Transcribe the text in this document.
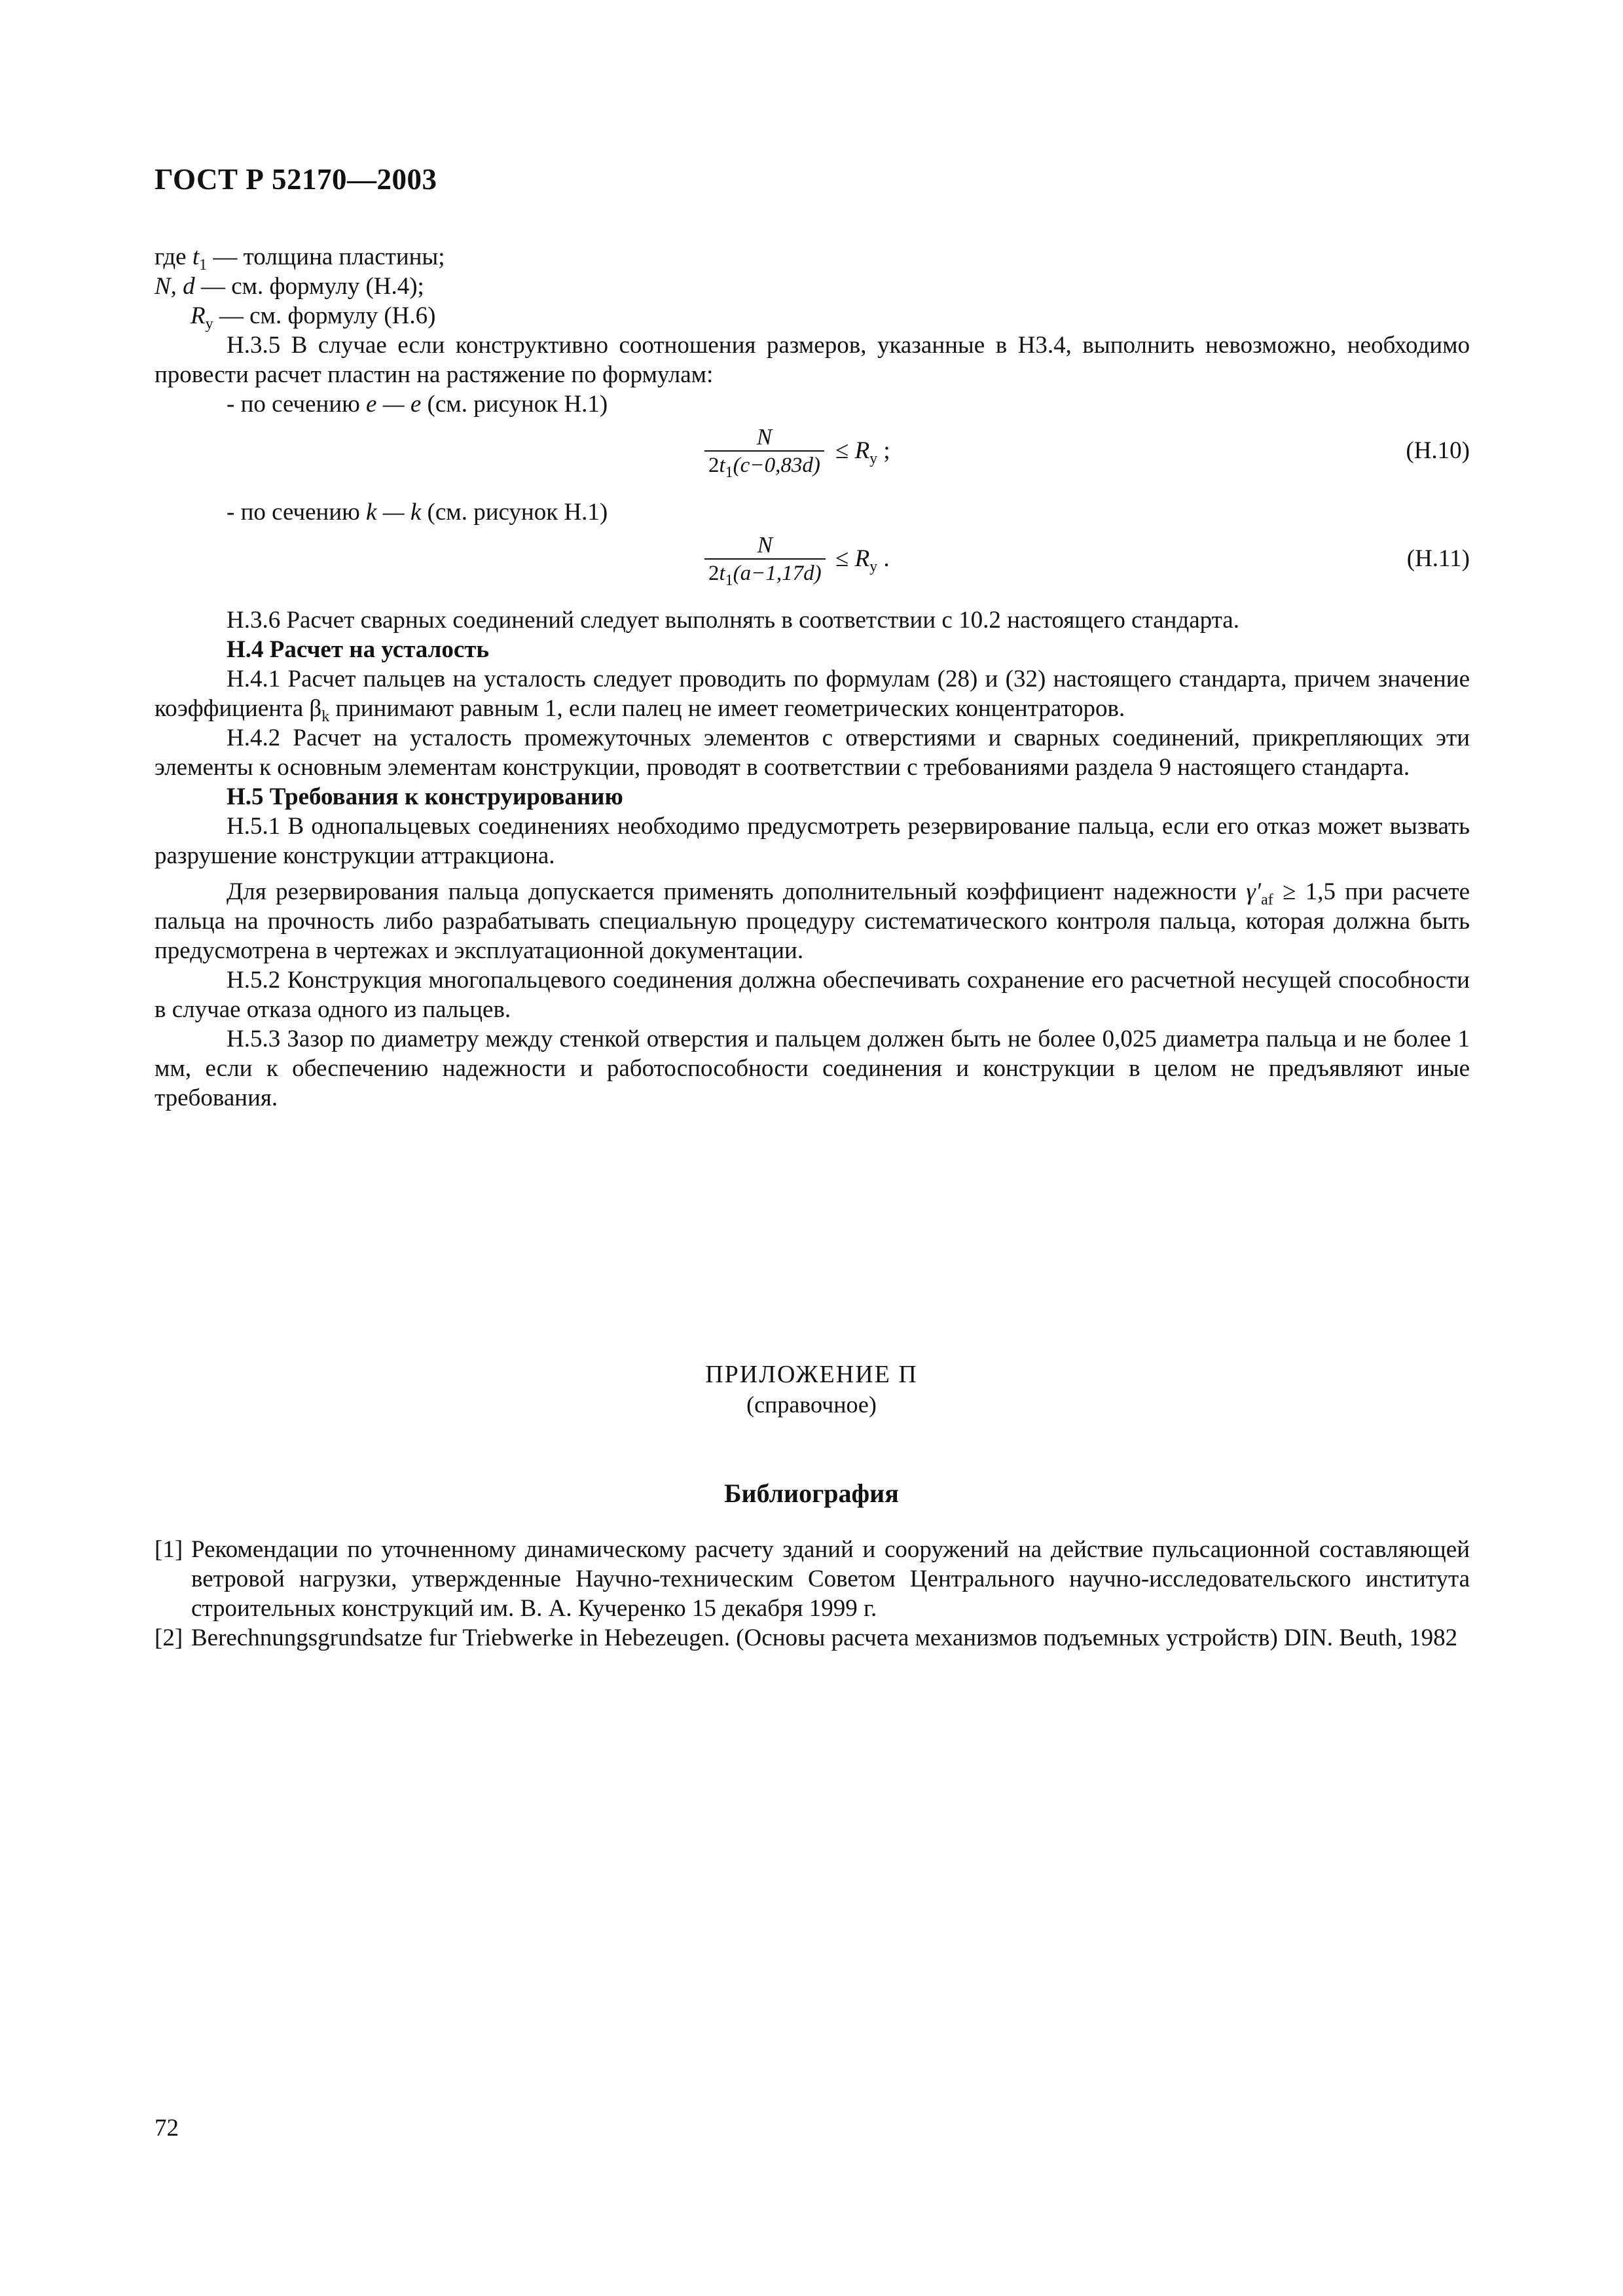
ГОСТ Р 52170—2003
где $t_1$ — толщина пластины;
N, d — см. формулу (Н.4);
$R_y$ — см. формулу (Н.6)
Н.3.5 В случае если конструктивно соотношения размеров, указанные в Н3.4, выполнить невозможно, необходимо провести расчет пластин на растяжение по формулам:
- по сечению e — e (см. рисунок Н.1)
$\frac{N}{2t_1(c-0,83d)} \le R_y$ ;	(Н.10)
- по сечению k — k (см. рисунок Н.1)
$\frac{N}{2t_1(a-1,17d)} \le R_y$ .	(Н.11)
Н.3.6 Расчет сварных соединений следует выполнять в соответствии с 10.2 настоящего стандарта.
Н.4 Расчет на усталость
Н.4.1 Расчет пальцев на усталость следует проводить по формулам (28) и (32) настоящего стандарта, причем значение коэффициента $\beta_k$ принимают равным 1, если палец не имеет геометрических концентраторов.
Н.4.2 Расчет на усталость промежуточных элементов с отверстиями и сварных соединений, прикрепляющих эти элементы к основным элементам конструкции, проводят в соответствии с требованиями раздела 9 настоящего стандарта.
Н.5 Требования к конструированию
Н.5.1 В однопальцевых соединениях необходимо предусмотреть резервирование пальца, если его отказ может вызвать разрушение конструкции аттракциона.
Для резервирования пальца допускается применять дополнительный коэффициент надежности $\gamma'_{af} \ge 1,5$ при расчете пальца на прочность либо разрабатывать специальную процедуру систематического контроля пальца, которая должна быть предусмотрена в чертежах и эксплуатационной документации.
Н.5.2 Конструкция многопальцевого соединения должна обеспечивать сохранение его расчетной несущей способности в случае отказа одного из пальцев.
Н.5.3 Зазор по диаметру между стенкой отверстия и пальцем должен быть не более 0,025 диаметра пальца и не более 1 мм, если к обеспечению надежности и работоспособности соединения и конструкции в целом не предъявляют иные требования.
ПРИЛОЖЕНИЕ П
(справочное)
Библиография
[1] Рекомендации по уточненному динамическому расчету зданий и сооружений на действие пульсационной составляющей ветровой нагрузки, утвержденные Научно-техническим Советом Центрального научно-исследовательского института строительных конструкций им. В. А. Кучеренко 15 декабря 1999 г.
[2] Berechnungsgrundsatze fur Triebwerke in Hebezeugen. (Основы расчета механизмов подъемных устройств) DIN. Beuth, 1982
72
